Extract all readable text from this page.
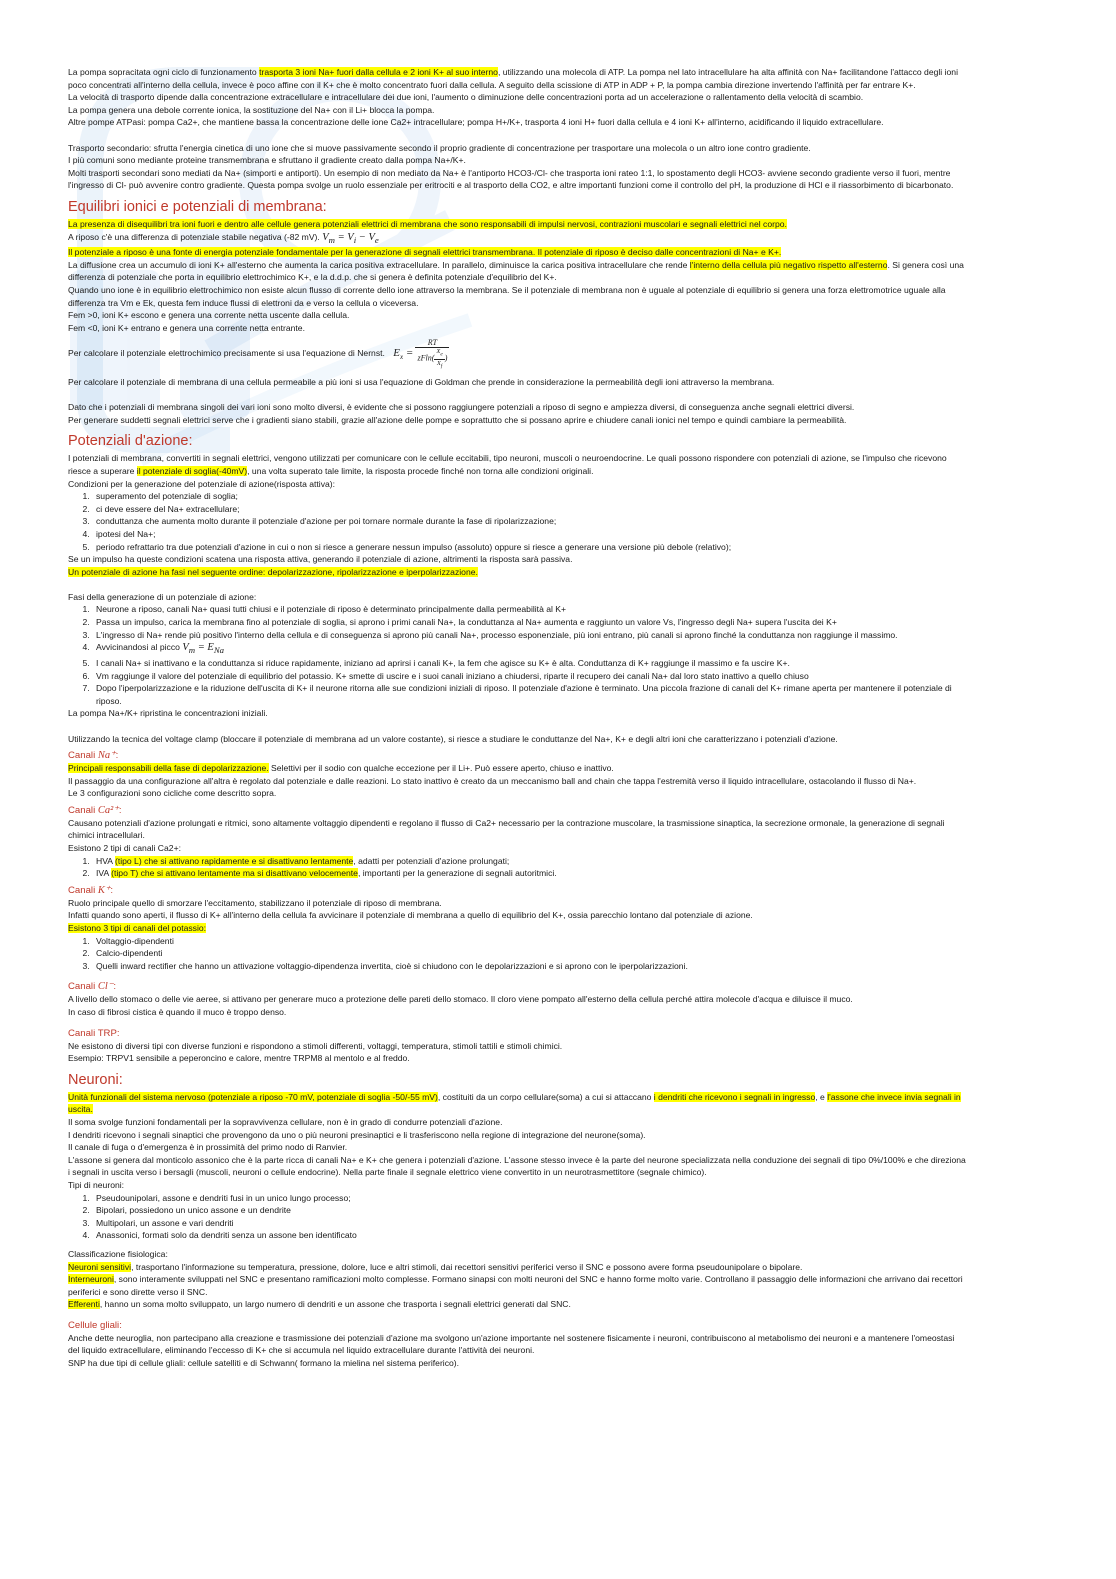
La pompa sopracitata ogni ciclo di funzionamento trasporta 3 ioni Na+ fuori dalla cellula e 2 ioni K+ al suo interno, utilizzando una molecola di ATP. La pompa nel lato intracellulare ha alta affinità con Na+ facilitandone l'attacco degli ioni poco concentrati all'interno della cellula, invece è poco affine con il K+ che è molto concentrato fuori dalla cellula. A seguito della scissione di ATP in ADP + P, la pompa cambia direzione invertendo l'affinità per far entrare K+.

La velocità di trasporto dipende dalla concentrazione extracellulare e intracellulare dei due ioni, l'aumento o diminuzione delle concentrazioni porta ad un accelerazione o rallentamento della velocità di scambio.

La pompa genera una debole corrente ionica, la sostituzione del Na+ con il Li+ blocca la pompa.

Altre pompe ATPasi: pompa Ca2+, che mantiene bassa la concentrazione delle ione Ca2+ intracellulare; pompa H+/K+, trasporta 4 ioni H+ fuori dalla cellula e 4 ioni K+ all'interno, acidificando il liquido extracellulare.

Trasporto secondario: sfrutta l'energia cinetica di uno ione che si muove passivamente secondo il proprio gradiente di concentrazione per trasportare una molecola o un altro ione contro gradiente.

I più comuni sono mediante proteine transmembrana e sfruttano il gradiente creato dalla pompa Na+/K+.

Molti trasporti secondari sono mediati da Na+ (simporti e antiporti). Un esempio di non mediato da Na+ è l'antiporto HCO3-/Cl- che trasporta ioni rateo 1:1, lo spostamento degli HCO3- avviene secondo gradiente verso il fuori, mentre l'ingresso di Cl- può avvenire contro gradiente. Questa pompa svolge un ruolo essenziale per eritrociti e al trasporto della CO2, e altre importanti funzioni come il controllo del pH, la produzione di HCl e il riassorbimento di bicarbonato.

Equilibri ionici e potenziali di membrana:

La presenza di disequilibri tra ioni fuori e dentro alle cellule genera potenziali elettrici di membrana che sono responsabili di impulsi nervosi, contrazioni muscolari e segnali elettrici nel corpo.

A riposo c'è una differenza di potenziale stabile negativa (-82 mV). $V_m = V_i - V_e$

Il potenziale a riposo è una fonte di energia potenziale fondamentale per la generazione di segnali elettrici transmembrana. Il potenziale di riposo è deciso dalle concentrazioni di Na+ e K+.

La diffusione crea un accumulo di ioni K+ all'esterno che aumenta la carica positiva extracellulare. In parallelo, diminuisce la carica positiva intracellulare che rende l'interno della cellula più negativo rispetto all'esterno. Si genera così una differenza di potenziale che porta in equilibrio elettrochimico K+, e la d.d.p. che si genera è definita potenziale d'equilibrio del K+.

Quando uno ione è in equilibrio elettrochimico non esiste alcun flusso di corrente dello ione attraverso la membrana. Se il potenziale di membrana non è uguale al potenziale di equilibrio si genera una forza elettromotrice uguale alla differenza tra Vm e Ek, questa fem induce flussi di elettroni da e verso la cellula o viceversa.

Fem >0, ioni K+ escono e genera una corrente netta uscente dalla cellula.

Fem <0, ioni K+ entrano e genera una corrente netta entrante.

Per calcolare il potenziale elettrochimico precisamente si usa l'equazione di Nernst. $E_x = \frac{RT}{zFln( \frac{X_e}{X_f} )}$

Per calcolare il potenziale di membrana di una cellula permeabile a più ioni si usa l'equazione di Goldman che prende in considerazione la permeabilità degli ioni attraverso la membrana.

Dato che i potenziali di membrana singoli dei vari ioni sono molto diversi, è evidente che si possono raggiungere potenziali a riposo di segno e ampiezza diversi, di conseguenza anche segnali elettrici diversi.

Per generare suddetti segnali elettrici serve che i gradienti siano stabili, grazie all'azione delle pompe e soprattutto che si possano aprire e chiudere canali ionici nel tempo e quindi cambiare la permeabilità.

Potenziali d'azione:

I potenziali di membrana, convertiti in segnali elettrici, vengono utilizzati per comunicare con le cellule eccitabili, tipo neuroni, muscoli o neuroendocrine. Le quali possono rispondere con potenziali di azione, se l'impulso che ricevono riesce a superare il potenziale di soglia(-40mV), una volta superato tale limite, la risposta procede finché non torna alle condizioni originali.

Condizioni per la generazione del potenziale di azione(risposta attiva):

1. superamento del potenziale di soglia;
2. ci deve essere del Na+ extracellulare;
3. conduttanza che aumenta molto durante il potenziale d'azione per poi tornare normale durante la fase di ripolarizzazione;
4. ipotesi del Na+;
5. periodo refrattario tra due potenziali d'azione in cui o non si riesce a generare nessun impulso (assoluto) oppure si riesce a generare una versione più debole (relativo);

Se un impulso ha queste condizioni scatena una risposta attiva, generando il potenziale di azione, altrimenti la risposta sarà passiva.

Un potenziale di azione ha fasi nel seguente ordine: depolarizzazione, ripolarizzazione e iperpolarizzazione.

Fasi della generazione di un potenziale di azione:

1. Neurone a riposo, canali Na+ quasi tutti chiusi e il potenziale di riposo è determinato principalmente dalla permeabilità al K+
2. Passa un impulso, carica la membrana fino al potenziale di soglia, si aprono i primi canali Na+, la conduttanza al Na+ aumenta e raggiunto un valore Vs, l'ingresso degli Na+ supera l'uscita dei K+
3. L'ingresso di Na+ rende più positivo l'interno della cellula e di conseguenza si aprono più canali Na+, processo esponenziale, più ioni entrano, più canali si aprono finché la conduttanza non raggiunge il massimo.
4. Avvicinandosi al picco $V_m = E_{Na}$
5. I canali Na+ si inattivano e la conduttanza si riduce rapidamente, iniziano ad aprirsi i canali K+, la fem che agisce su K+ è alta. Conduttanza di K+ raggiunge il massimo e fa uscire K+.
6. Vm raggiunge il valore del potenziale di equilibrio del potassio. K+ smette di uscire e i suoi canali iniziano a chiudersi, riparte il recupero dei canali Na+ dal loro stato inattivo a quello chiuso
7. Dopo l'iperpolarizzazione e la riduzione dell'uscita di K+ il neurone ritorna alle sue condizioni iniziali di riposo. Il potenziale d'azione è terminato. Una piccola frazione di canali del K+ rimane aperta per mantenere il potenziale di riposo.

La pompa Na+/K+ ripristina le concentrazioni iniziali.

Utilizzando la tecnica del voltage clamp (bloccare il potenziale di membrana ad un valore costante), si riesce a studiare le conduttanze del Na+, K+ e degli altri ioni che caratterizzano i potenziali d'azione.

Canali Na⁺:

Principali responsabili della fase di depolarizzazione. Selettivi per il sodio con qualche eccezione per il Li+. Può essere aperto, chiuso e inattivo.

Il passaggio da una configurazione all'altra è regolato dal potenziale e dalle reazioni. Lo stato inattivo è creato da un meccanismo ball and chain che tappa l'estremità verso il liquido intracellulare, ostacolando il flusso di Na+.

Le 3 configurazioni sono cicliche come descritto sopra.

Canali Ca²⁺:

Causano potenziali d'azione prolungati e ritmici, sono altamente voltaggio dipendenti e regolano il flusso di Ca2+ necessario per la contrazione muscolare, la trasmissione sinaptica, la secrezione ormonale, la generazione di segnali chimici intracellulari.

Esistono 2 tipi di canali Ca2+:

1. HVA (tipo L) che si attivano rapidamente e si disattivano lentamente, adatti per potenziali d'azione prolungati;
2. IVA (tipo T) che si attivano lentamente ma si disattivano velocemente, importanti per la generazione di segnali autoritmici.
Canali K⁺:

Ruolo principale quello di smorzare l'eccitamento, stabilizzano il potenziale di riposo di membrana.

Infatti quando sono aperti, il flusso di K+ all'interno della cellula fa avvicinare il potenziale di membrana a quello di equilibrio del K+, ossia parecchio lontano dal potenziale di azione.

Esistono 3 tipi di canali del potassio:

1. Voltaggio-dipendenti
2. Calcio-dipendenti
3. Quelli inward rectifier che hanno un attivazione voltaggio-dipendenza invertita, cioè si chiudono con le depolarizzazioni e si aprono con le iperpolarizzazioni.
Canali Cl⁻:

A livello dello stomaco o delle vie aeree, si attivano per generare muco a protezione delle pareti dello stomaco. Il cloro viene pompato all'esterno della cellula perché attira molecole d'acqua e diluisce il muco.

In caso di fibrosi cistica è quando il muco è troppo denso.

Canali TRP:

Ne esistono di diversi tipi con diverse funzioni e rispondono a stimoli differenti, voltaggi, temperatura, stimoli tattili e stimoli chimici.

Esempio: TRPV1 sensibile a peperoncino e calore, mentre TRPM8 al mentolo e al freddo.

Neuroni:

Unità funzionali del sistema nervoso (potenziale a riposo -70 mV, potenziale di soglia -50/-55 mV), costituiti da un corpo cellulare(soma) a cui si attaccano i dendriti che ricevono i segnali in ingresso, e l'assone che invece invia segnali in uscita.

Il soma svolge funzioni fondamentali per la sopravvivenza cellulare, non è in grado di condurre potenziali d'azione.

I dendriti ricevono i segnali sinaptici che provengono da uno o più neuroni presinaptici e li trasferiscono nella regione di integrazione del neurone(soma).

Il canale di fuga o d'emergenza è in prossimità del primo nodo di Ranvier.

L'assone si genera dal monticolo assonico che è la parte ricca di canali Na+ e K+ che genera i potenziali d'azione. L'assone stesso invece è la parte del neurone specializzata nella conduzione dei segnali di tipo 0%/100% e che direziona i segnali in uscita verso i bersagli (muscoli, neuroni o cellule endocrine). Nella parte finale il segnale elettrico viene convertito in un neurotrasmettitore (segnale chimico).

Tipi di neuroni:

1. Pseudounipolari, assone e dendriti fusi in un unico lungo processo;
2. Bipolari, possiedono un unico assone e un dendrite
3. Multipolari, un assone e vari dendriti
4. Anassonici, formati solo da dendriti senza un assone ben identificato

Classificazione fisiologica:

Neuroni sensitivi, trasportano l'informazione su temperatura, pressione, dolore, luce e altri stimoli, dai recettori sensitivi periferici verso il SNC e possono avere forma pseudounipolare o bipolare.

Interneuroni, sono interamente sviluppati nel SNC e presentano ramificazioni molto complesse. Formano sinapsi con molti neuroni del SNC e hanno forme molto varie. Controllano il passaggio delle informazioni che arrivano dai recettori periferici e sono dirette verso il SNC.

Efferenti, hanno un soma molto sviluppato, un largo numero di dendriti e un assone che trasporta i segnali elettrici generati dal SNC.

Cellule gliali:

Anche dette neuroglia, non partecipano alla creazione e trasmissione dei potenziali d'azione ma svolgono un'azione importante nel sostenere fisicamente i neuroni, contribuiscono al metabolismo dei neuroni e a mantenere l'omeostasi del liquido extracellulare, eliminando l'eccesso di K+ che si accumula nel liquido extracellulare durante l'attività dei neuroni.

SNP ha due tipi di cellule gliali: cellule satelliti e di Schwann( formano la mielina nel sistema periferico).
